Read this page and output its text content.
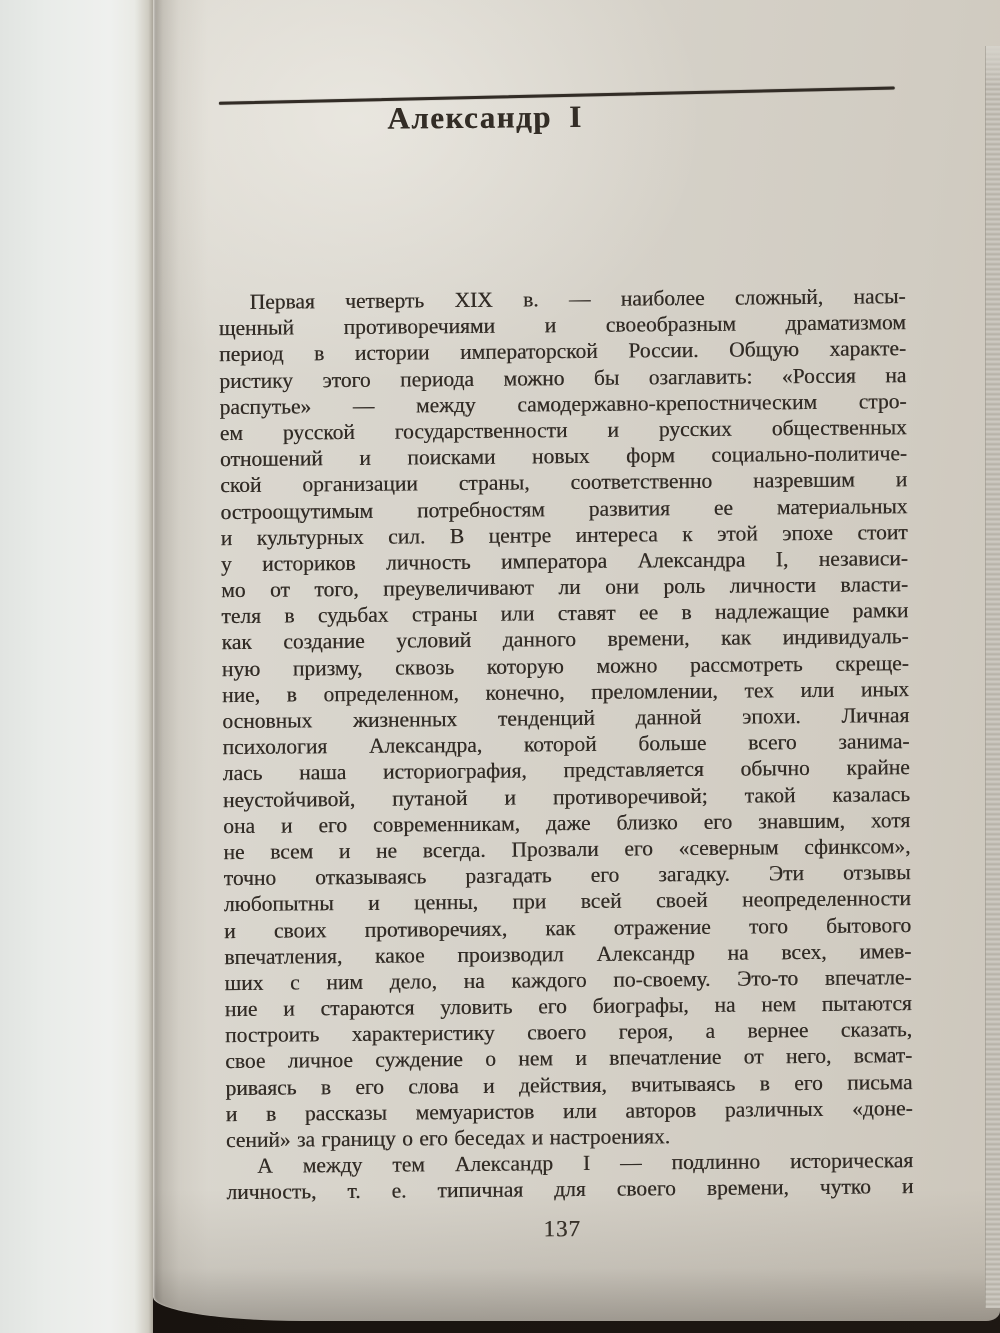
Александр I
Первая четверть XIX в. — наиболее сложный, насы-
щенный противоречиями и своеобразным драматизмом
период в истории императорской России. Общую характе-
ристику этого периода можно бы озаглавить: «Россия на
распутье» — между самодержавно-крепостническим стро-
ем русской государственности и русских общественных
отношений и поисками новых форм социально-политиче-
ской организации страны, соответственно назревшим и
остроощутимым потребностям развития ее материальных
и культурных сил. В центре интереса к этой эпохе стоит
у историков личность императора Александра I, независи-
мо от того, преувеличивают ли они роль личности власти-
теля в судьбах страны или ставят ее в надлежащие рамки
как создание условий данного времени, как индивидуаль-
ную призму, сквозь которую можно рассмотреть скреще-
ние, в определенном, конечно, преломлении, тех или иных
основных жизненных тенденций данной эпохи. Личная
психология Александра, которой больше всего занима-
лась наша историография, представляется обычно крайне
неустойчивой, путаной и противоречивой; такой казалась
она и его современникам, даже близко его знавшим, хотя
не всем и не всегда. Прозвали его «северным сфинксом»,
точно отказываясь разгадать его загадку. Эти отзывы
любопытны и ценны, при всей своей неопределенности
и своих противоречиях, как отражение того бытового
впечатления, какое производил Александр на всех, имев-
ших с ним дело, на каждого по-своему. Это-то впечатле-
ние и стараются уловить его биографы, на нем пытаются
построить характеристику своего героя, а вернее сказать,
свое личное суждение о нем и впечатление от него, всмат-
риваясь в его слова и действия, вчитываясь в его письма
и в рассказы мемуаристов или авторов различных «доне-
сений» за границу о его беседах и настроениях.
А между тем Александр I — подлинно историческая
личность, т. е. типичная для своего времени, чутко и

137
